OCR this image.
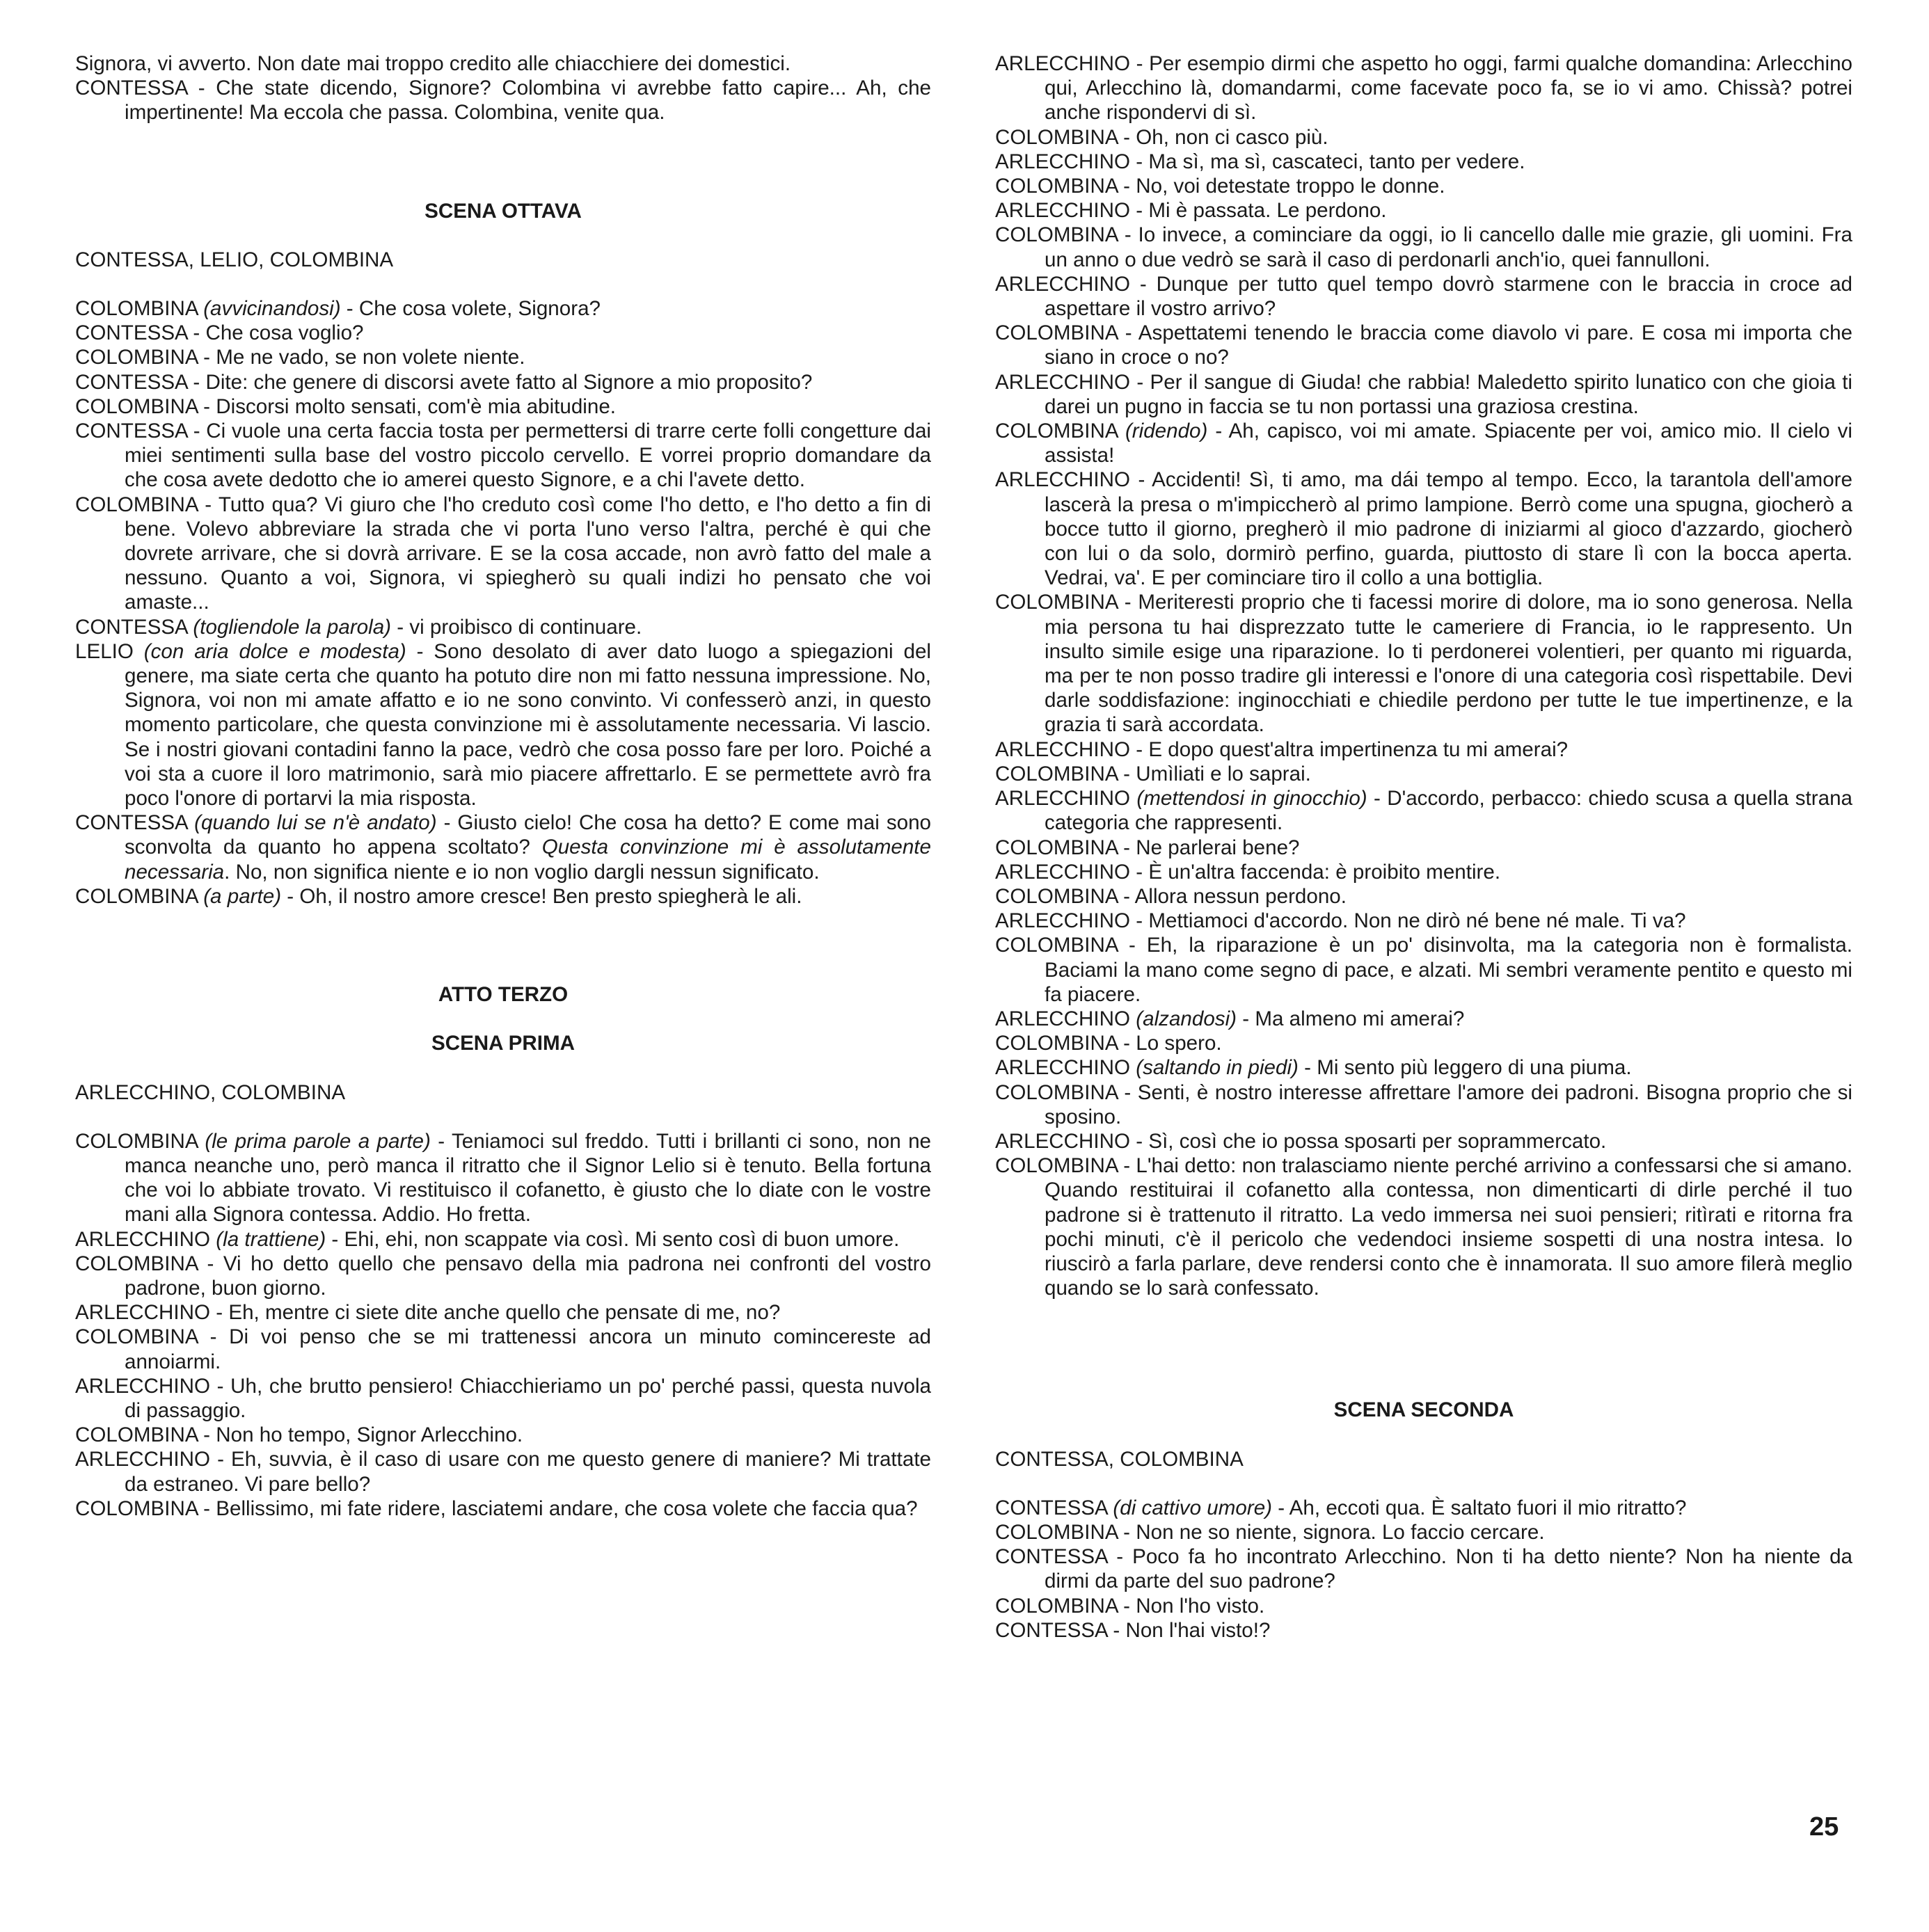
Signora, vi avverto. Non date mai troppo credito alle chiacchiere dei domestici.

CONTESSA - Che state dicendo, Signore? Colombina vi avrebbe fatto capire... Ah, che impertinente! Ma eccola che passa. Colombina, venite qua.

SCENA OTTAVA

CONTESSA, LELIO, COLOMBINA

COLOMBINA (avvicinandosi) - Che cosa volete, Signora?

CONTESSA - Che cosa voglio?

COLOMBINA - Me ne vado, se non volete niente.

CONTESSA - Dite: che genere di discorsi avete fatto al Signore a mio proposito?

COLOMBINA - Discorsi molto sensati, com'è mia abitudine.

CONTESSA - Ci vuole una certa faccia tosta per permettersi di trarre certe folli congetture dai miei sentimenti sulla base del vostro piccolo cervello. E vorrei proprio domandare da che cosa avete dedotto che io amerei questo Signore, e a chi l'avete detto.

COLOMBINA - Tutto qua? Vi giuro che l'ho creduto così come l'ho detto, e l'ho detto a fin di bene. Volevo abbreviare la strada che vi porta l'uno verso l'altra, perché è qui che dovrete arrivare, che si dovrà arrivare. E se la cosa accade, non avrò fatto del male a nessuno. Quanto a voi, Signora, vi spiegherò su quali indizi ho pensato che voi amaste...

CONTESSA (togliendole la parola) - vi proibisco di continuare.

LELIO (con aria dolce e modesta) - Sono desolato di aver dato luogo a spiegazioni del genere, ma siate certa che quanto ha potuto dire non mi fatto nessuna impressione. No, Signora, voi non mi amate affatto e io ne sono convinto. Vi confesserò anzi, in questo momento particolare, che questa convinzione mi è assolutamente necessaria. Vi lascio. Se i nostri giovani contadini fanno la pace, vedrò che cosa posso fare per loro. Poiché a voi sta a cuore il loro matrimonio, sarà mio piacere affrettarlo. E se permettete avrò fra poco l'onore di portarvi la mia risposta.

CONTESSA (quando lui se n'è andato) - Giusto cielo! Che cosa ha detto? E come mai sono sconvolta da quanto ho appena scoltato? Questa convinzione mi è assolutamente necessaria. No, non significa niente e io non voglio dargli nessun significato.

COLOMBINA (a parte) - Oh, il nostro amore cresce! Ben presto spiegherà le ali.

ATTO TERZO

SCENA PRIMA

ARLECCHINO, COLOMBINA

COLOMBINA (le prima parole a parte) - Teniamoci sul freddo. Tutti i brillanti ci sono, non ne manca neanche uno, però manca il ritratto che il Signor Lelio si è tenuto. Bella fortuna che voi lo abbiate trovato. Vi restituisco il cofanetto, è giusto che lo diate con le vostre mani alla Signora contessa. Addio. Ho fretta.

ARLECCHINO (la trattiene) - Ehi, ehi, non scappate via così. Mi sento così di buon umore.

COLOMBINA - Vi ho detto quello che pensavo della mia padrona nei confronti del vostro padrone, buon giorno.

ARLECCHINO - Eh, mentre ci siete dite anche quello che pensate di me, no?

COLOMBINA - Di voi penso che se mi trattenessi ancora un minuto comincereste ad annoiarmi.

ARLECCHINO - Uh, che brutto pensiero! Chiacchieriamo un po' perché passi, questa nuvola di passaggio.

COLOMBINA - Non ho tempo, Signor Arlecchino.

ARLECCHINO - Eh, suvvia, è il caso di usare con me questo genere di maniere? Mi trattate da estraneo. Vi pare bello?

COLOMBINA - Bellissimo, mi fate ridere, lasciatemi andare, che cosa volete che faccia qua?

ARLECCHINO - Per esempio dirmi che aspetto ho oggi, farmi qualche domandina: Arlecchino qui, Arlecchino là, domandarmi, come facevate poco fa, se io vi amo. Chissà? potrei anche rispondervi di sì.

COLOMBINA - Oh, non ci casco più.

ARLECCHINO - Ma sì, ma sì, cascateci, tanto per vedere.

COLOMBINA - No, voi detestate troppo le donne.

ARLECCHINO - Mi è passata. Le perdono.

COLOMBINA - Io invece, a cominciare da oggi, io li cancello dalle mie grazie, gli uomini. Fra un anno o due vedrò se sarà il caso di perdonarli anch'io, quei fannulloni.

ARLECCHINO - Dunque per tutto quel tempo dovrò starmene con le braccia in croce ad aspettare il vostro arrivo?

COLOMBINA - Aspettatemi tenendo le braccia come diavolo vi pare. E cosa mi importa che siano in croce o no?

ARLECCHINO - Per il sangue di Giuda! che rabbia! Maledetto spirito lunatico con che gioia ti darei un pugno in faccia se tu non portassi una graziosa crestina.

COLOMBINA (ridendo) - Ah, capisco, voi mi amate. Spiacente per voi, amico mio. Il cielo vi assista!

ARLECCHINO - Accidenti! Sì, ti amo, ma dái tempo al tempo. Ecco, la tarantola dell'amore lascerà la presa o m'impiccherò al primo lampione. Berrò come una spugna, giocherò a bocce tutto il giorno, pregherò il mio padrone di iniziarmi al gioco d'azzardo, giocherò con lui o da solo, dormirò perfino, guarda, piuttosto di stare lì con la bocca aperta. Vedrai, va'. E per cominciare tiro il collo a una bottiglia.

COLOMBINA - Meriteresti proprio che ti facessi morire di dolore, ma io sono generosa. Nella mia persona tu hai disprezzato tutte le cameriere di Francia, io le rappresento. Un insulto simile esige una riparazione. Io ti perdonerei volentieri, per quanto mi riguarda, ma per te non posso tradire gli interessi e l'onore di una categoria così rispettabile. Devi darle soddisfazione: inginocchiati e chiedile perdono per tutte le tue impertinenze, e la grazia ti sarà accordata.

ARLECCHINO - E dopo quest'altra impertinenza tu mi amerai?

COLOMBINA - Umìliati e lo saprai.

ARLECCHINO (mettendosi in ginocchio) - D'accordo, perbacco: chiedo scusa a quella strana categoria che rappresenti.

COLOMBINA - Ne parlerai bene?

ARLECCHINO - È un'altra faccenda: è proibito mentire.

COLOMBINA - Allora nessun perdono.

ARLECCHINO - Mettiamoci d'accordo. Non ne dirò né bene né male. Ti va?

COLOMBINA - Eh, la riparazione è un po' disinvolta, ma la categoria non è formalista. Baciami la mano come segno di pace, e alzati. Mi sembri veramente pentito e questo mi fa piacere.

ARLECCHINO (alzandosi) - Ma almeno mi amerai?

COLOMBINA - Lo spero.

ARLECCHINO (saltando in piedi) - Mi sento più leggero di una piuma.

COLOMBINA - Senti, è nostro interesse affrettare l'amore dei padroni. Bisogna proprio che si sposino.

ARLECCHINO - Sì, così che io possa sposarti per soprammercato.

COLOMBINA - L'hai detto: non tralasciamo niente perché arrivino a confessarsi che si amano. Quando restituirai il cofanetto alla contessa, non dimenticarti di dirle perché il tuo padrone si è trattenuto il ritratto. La vedo immersa nei suoi pensieri; ritìrati e ritorna fra pochi minuti, c'è il pericolo che vedendoci insieme sospetti di una nostra intesa. Io riuscirò a farla parlare, deve rendersi conto che è innamorata. Il suo amore filerà meglio quando se lo sarà confessato.

SCENA SECONDA

CONTESSA, COLOMBINA

CONTESSA (di cattivo umore) - Ah, eccoti qua. È saltato fuori il mio ritratto?

COLOMBINA - Non ne so niente, signora. Lo faccio cercare.

CONTESSA - Poco fa ho incontrato Arlecchino. Non ti ha detto niente? Non ha niente da dirmi da parte del suo padrone?

COLOMBINA - Non l'ho visto.

CONTESSA - Non l'hai visto!?

25
